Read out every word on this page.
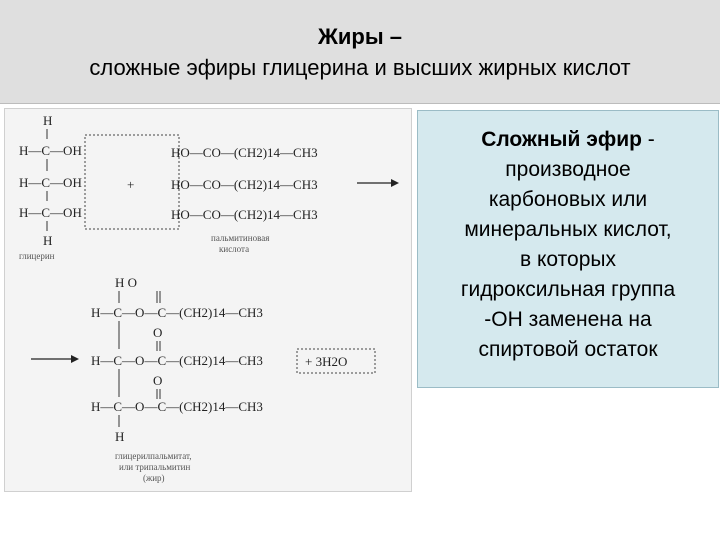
Жиры –
сложные эфиры глицерина и высших жирных кислот
H
H—C—OH
H—C—OH
H—C—OH
H
глицерин
+
HO—CO—(CH2)14—CH3
HO—CO—(CH2)14—CH3
HO—CO—(CH2)14—CH3
пальмитиновая
кислота
H O
H—C—O—C—(CH2)14—CH3
O
H—C—O—C—(CH2)14—CH3
O
H—C—O—C—(CH2)14—CH3
H
+ 3H2O
глицерилпальмитат,
или трипальмитин
(жир)
Сложный эфир -
производное
карбоновых или
минеральных кислот,
в которых
гидроксильная группа
-ОН заменена на
спиртовой остаток
